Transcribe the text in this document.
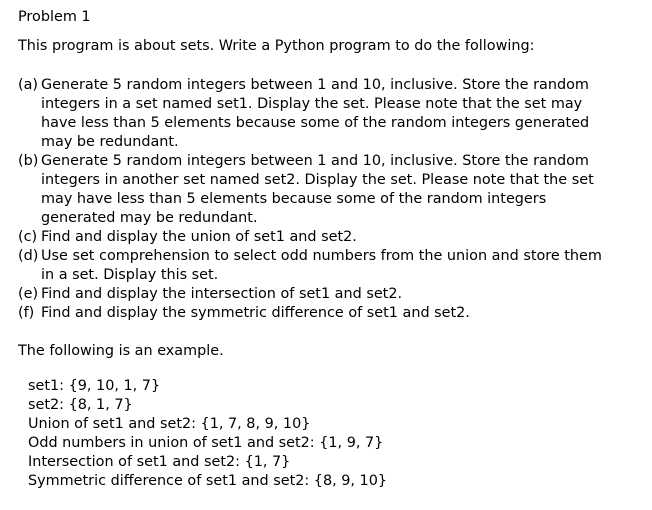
Problem 1
This program is about sets. Write a Python program to do the following:
(a) Generate 5 random integers between 1 and 10, inclusive. Store the random
integers in a set named set1. Display the set. Please note that the set may
have less than 5 elements because some of the random integers generated
may be redundant.
(b) Generate 5 random integers between 1 and 10, inclusive. Store the random
integers in another set named set2. Display the set. Please note that the set
may have less than 5 elements because some of the random integers
generated may be redundant.
(c) Find and display the union of set1 and set2.
(d) Use set comprehension to select odd numbers from the union and store them
in a set. Display this set.
(e) Find and display the intersection of set1 and set2.
(f) Find and display the symmetric difference of set1 and set2.
The following is an example.
set1: {9, 10, 1, 7}
set2: {8, 1, 7}
Union of set1 and set2: {1, 7, 8, 9, 10}
Odd numbers in union of set1 and set2: {1, 9, 7}
Intersection of set1 and set2: {1, 7}
Symmetric difference of set1 and set2: {8, 9, 10}
